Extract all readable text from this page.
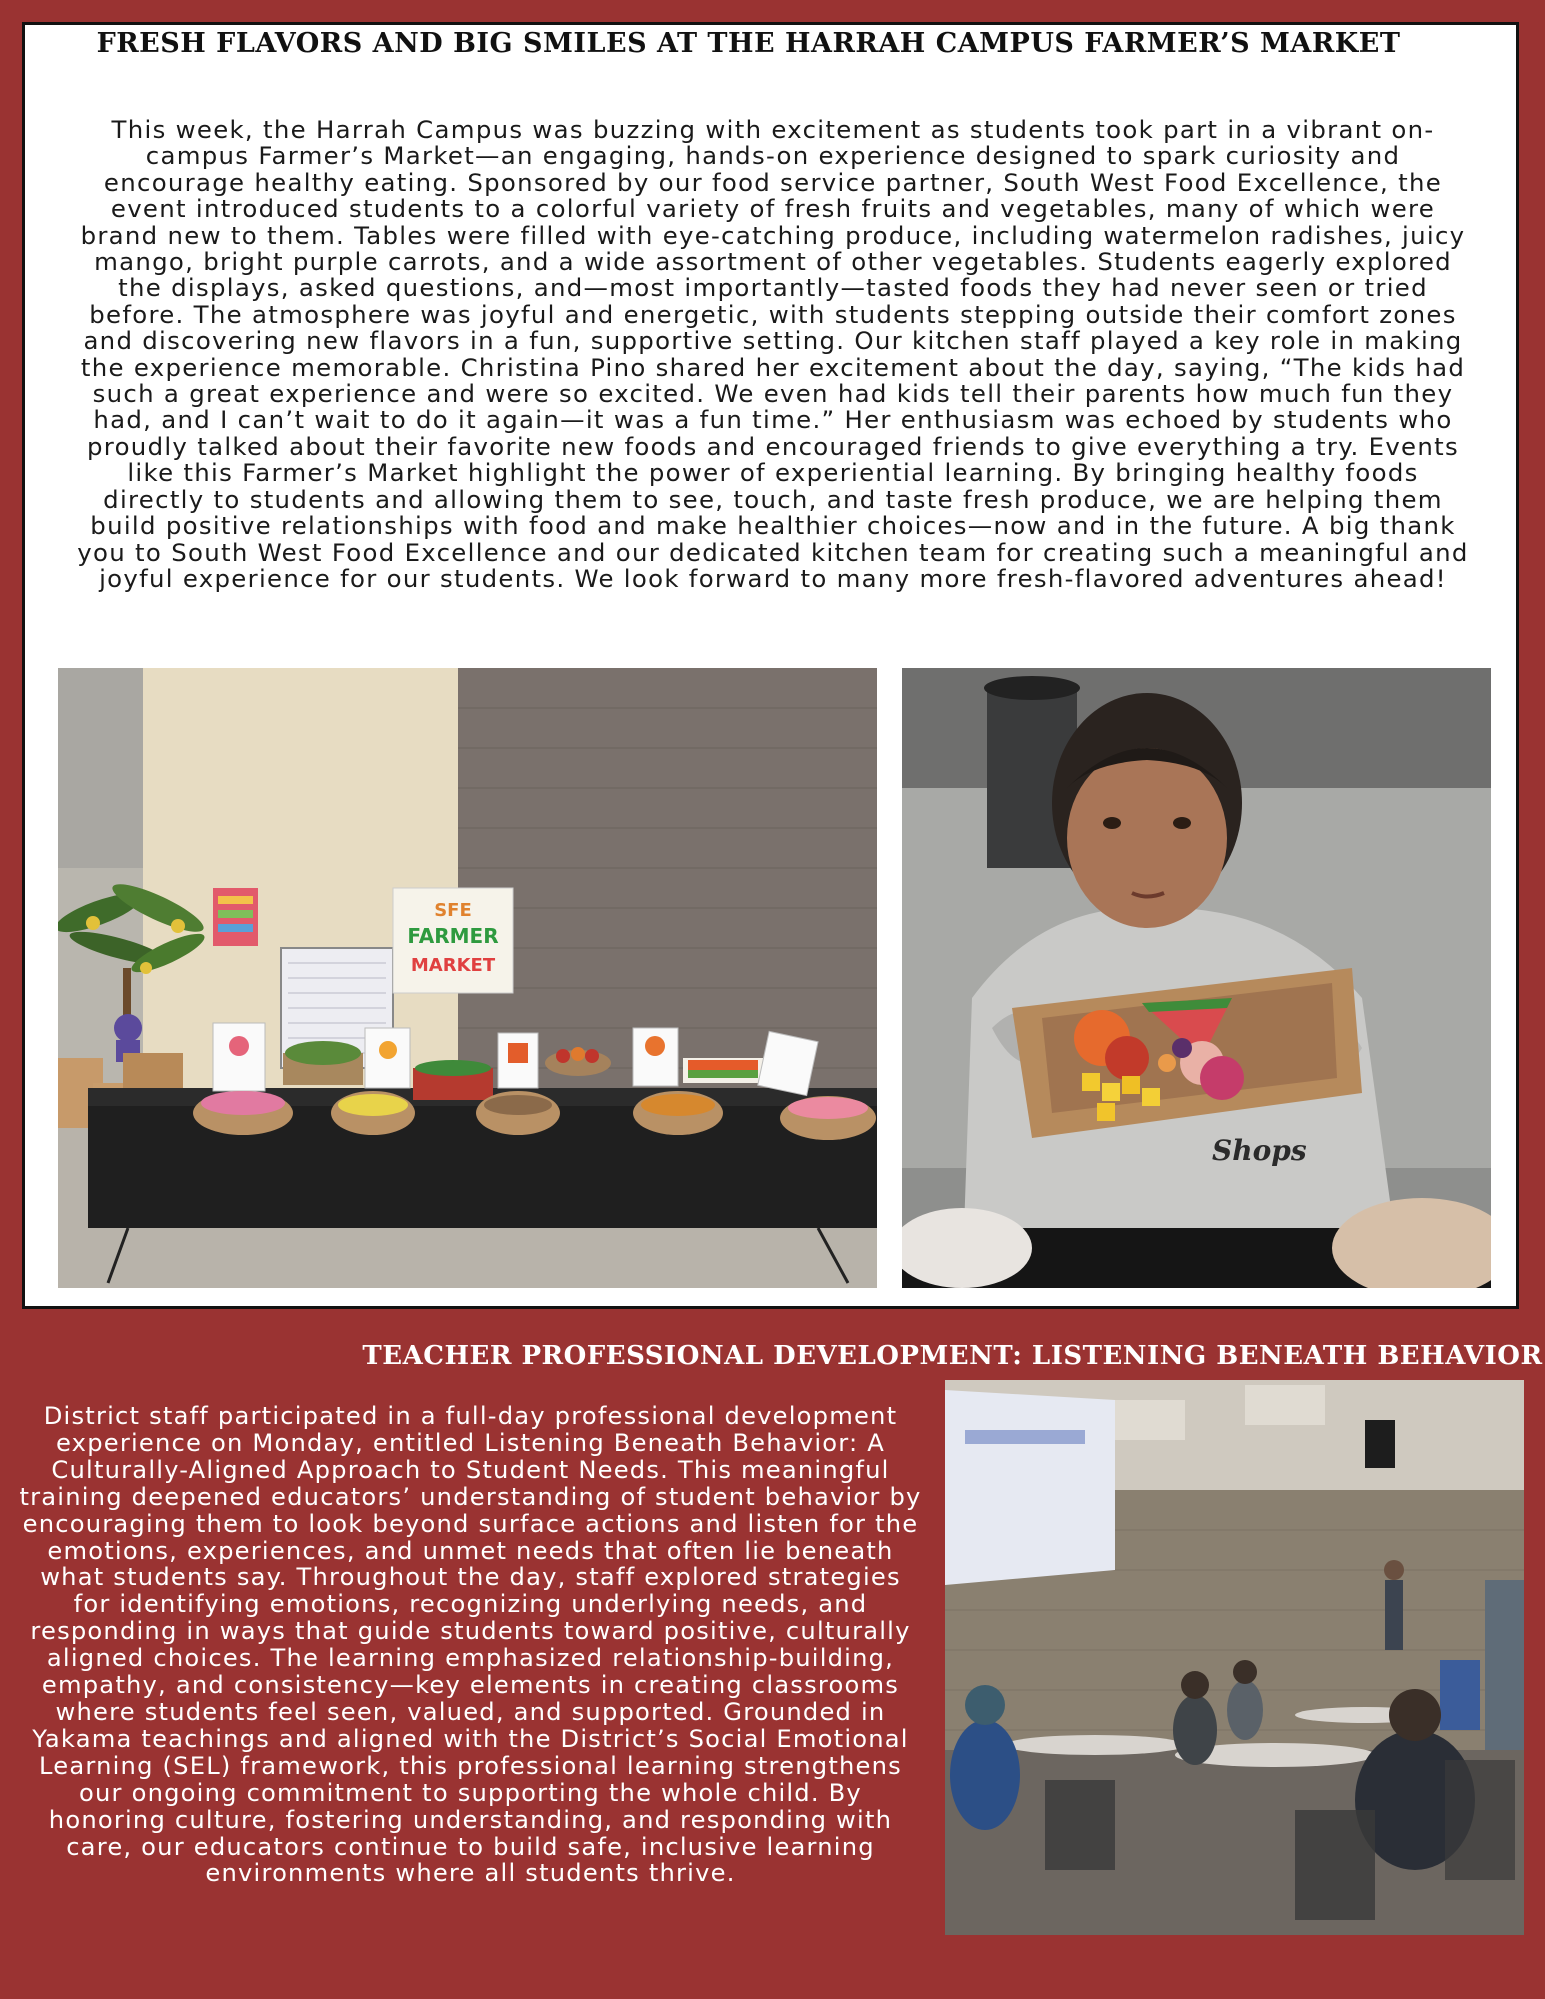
FRESH FLAVORS AND BIG SMILES AT THE HARRAH CAMPUS FARMER’S MARKET

This week, the Harrah Campus was buzzing with excitement as students took part in a vibrant on-campus Farmer’s Market—an engaging, hands-on experience designed to spark curiosity and encourage healthy eating. Sponsored by our food service partner, South West Food Excellence, the event introduced students to a colorful variety of fresh fruits and vegetables, many of which were brand new to them. Tables were filled with eye-catching produce, including watermelon radishes, juicy mango, bright purple carrots, and a wide assortment of other vegetables. Students eagerly explored the displays, asked questions, and—most importantly—tasted foods they had never seen or tried before. The atmosphere was joyful and energetic, with students stepping outside their comfort zones and discovering new flavors in a fun, supportive setting. Our kitchen staff played a key role in making the experience memorable. Christina Pino shared her excitement about the day, saying, “The kids had such a great experience and were so excited. We even had kids tell their parents how much fun they had, and I can’t wait to do it again—it was a fun time.” Her enthusiasm was echoed by students who proudly talked about their favorite new foods and encouraged friends to give everything a try. Events like this Farmer’s Market highlight the power of experiential learning. By bringing healthy foods directly to students and allowing them to see, touch, and taste fresh produce, we are helping them build positive relationships with food and make healthier choices—now and in the future. A big thank you to South West Food Excellence and our dedicated kitchen team for creating such a meaningful and joyful experience for our students. We look forward to many more fresh-flavored adventures ahead!

SFE
FARMER
MARKET
Shops
TEACHER PROFESSIONAL DEVELOPMENT: LISTENING BENEATH BEHAVIOR

District staff participated in a full-day professional development experience on Monday, entitled Listening Beneath Behavior: A Culturally-Aligned Approach to Student Needs. This meaningful training deepened educators’ understanding of student behavior by encouraging them to look beyond surface actions and listen for the emotions, experiences, and unmet needs that often lie beneath what students say. Throughout the day, staff explored strategies for identifying emotions, recognizing underlying needs, and responding in ways that guide students toward positive, culturally aligned choices. The learning emphasized relationship-building, empathy, and consistency—key elements in creating classrooms where students feel seen, valued, and supported. Grounded in Yakama teachings and aligned with the District’s Social Emotional Learning (SEL) framework, this professional learning strengthens our ongoing commitment to supporting the whole child. By honoring culture, fostering understanding, and responding with care, our educators continue to build safe, inclusive learning environments where all students thrive.
